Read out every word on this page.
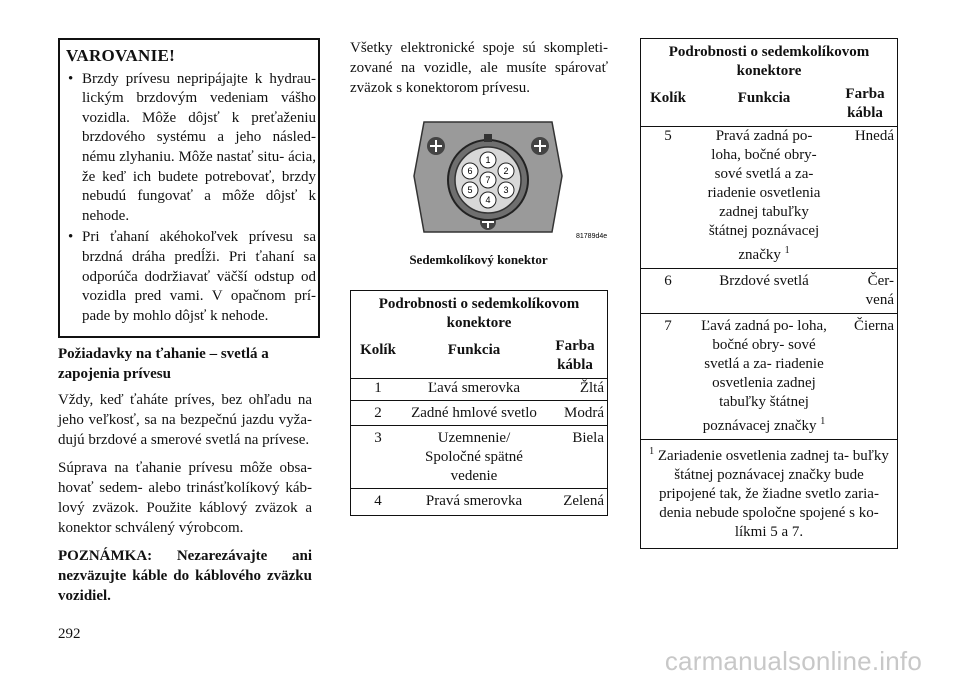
VAROVANIE!
• Brzdy prívesu nepripájajte k hydrau- lickým brzdovým vedeniam vášho vozidla. Môže dôjsť k preťaženiu brzdového systému a jeho násled- nému zlyhaniu. Môže nastať situ- ácia, že keď ich budete potrebovať, brzdy nebudú fungovať a môže dôjsť k nehode.
• Pri ťahaní akéhokoľvek prívesu sa brzdná dráha predĺži. Pri ťahaní sa odporúča dodržiavať väčší odstup od vozidla pred vami. V opačnom prí- pade by mohlo dôjsť k nehode.

Požiadavky na ťahanie – svetlá a zapojenia prívesu

Vždy, keď ťaháte príves, bez ohľadu na jeho veľkosť, sa na bezpečnú jazdu vyža- dujú brzdové a smerové svetlá na prívese.

Súprava na ťahanie prívesu môže obsa- hovať sedem- alebo trinásťkolíkový káb- lový zväzok. Použite káblový zväzok a konektor schválený výrobcom.

POZNÁMKA: Nezarezávajte ani nezväzujte káble do káblového zväzku vozidiel.

Všetky elektronické spoje sú skompleti- zované na vozidle, ale musíte spárovať zväzok s konektorom prívesu.
1
2
3
4
5
6
7
81789d4e
Sedemkolíkový konektor
Podrobnosti o sedemkolíkovom konektore		
Kolík	Funkcia	Farba kábla

1	Ľavá smerovka	Žltá

2	Zadné hmlové svetlo	Modrá

3	Uzemnenie/ Spoločné spätné vedenie	Biela

4	Pravá smerovka	Zelená
Podrobnosti o sedemkolíkovom konektore		
Kolík	Funkcia	Farba kábla

5	Pravá zadná po- loha, bočné obry- sové svetlá a za- riadenie osvetlenia zadnej tabuľky štátnej poznávacej značky $^1$	Hnedá

6	Brzdové svetlá	Čer- vená

7	Ľavá zadná po- loha, bočné obry- sové svetlá a za- riadenie osvetlenia zadnej tabuľky štátnej poznávacej značky $^1$	Čierna

$^1$ Zariadenie osvetlenia zadnej ta- buľky štátnej poznávacej značky bude pripojené tak, že žiadne svetlo zaria- denia nebude spoločne spojené s ko- líkmi 5 a 7.		
292
carmanualsonline.info
